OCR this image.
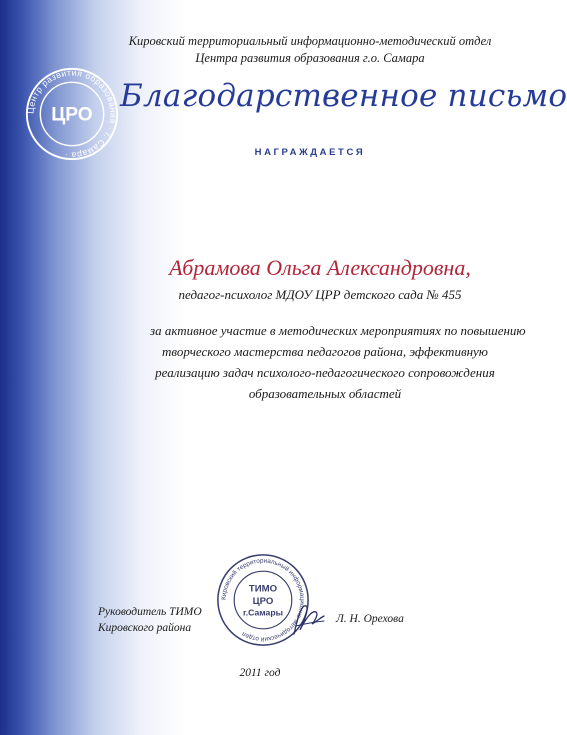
Центр развития образования · г. Самара ·
ЦРО
Кировский территориальный информационно-методический отдел
Центра развития образования г.о. Самара
Благодарственное письмо
НАГРАЖДАЕТСЯ
Абрамова Ольга Александровна,
педагог-психолог МДОУ ЦРР детского сада № 455
за активное участие в методических мероприятиях по повышению
творческого мастерства педагогов района, эффективную
реализацию задач психолого-педагогического сопровождения
образовательных областей
Руководитель ТИМО
Кировского района
Кировский территориальный информационно-методический отдел
ТИМО
ЦРО
г.Самары
Л. Н. Орехова
2011 год
